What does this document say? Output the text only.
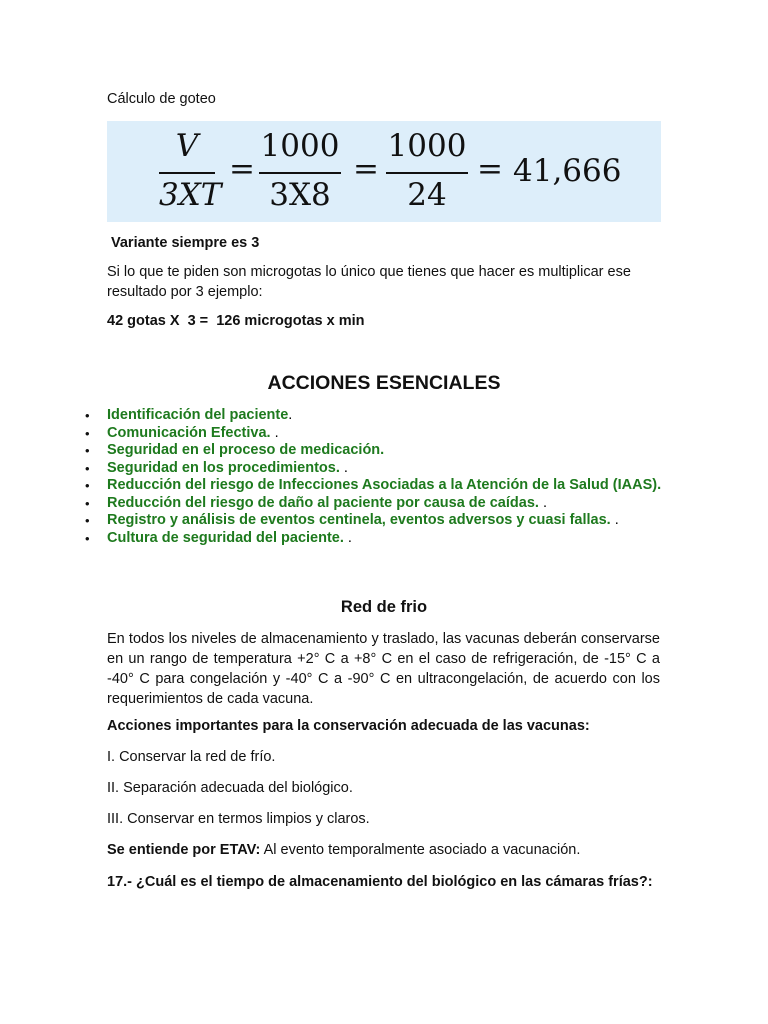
Cálculo de goteo
V
3XT
=
1000
3X8
=
1000
24
= 41,666
Variante siempre es 3
Si lo que te piden son microgotas lo único que tienes que hacer es multiplicar ese
resultado por 3 ejemplo:
42 gotas X  3 =  126 microgotas x min
ACCIONES ESENCIALES
• Identificación del paciente.
• Comunicación Efectiva. .
• Seguridad en el proceso de medicación.
• Seguridad en los procedimientos. .
• Reducción del riesgo de Infecciones Asociadas a la Atención de la Salud (IAAS).
• Reducción del riesgo de daño al paciente por causa de caídas. .
• Registro y análisis de eventos centinela, eventos adversos y cuasi fallas. .
• Cultura de seguridad del paciente. .
Red de frio
En todos los niveles de almacenamiento y traslado, las vacunas deberán conservarse en un rango de temperatura +2° C a +8° C en el caso de refrigeración, de -15° C a -40° C para congelación y -40° C a -90° C en ultracongelación, de acuerdo con los requerimientos de cada vacuna.
Acciones importantes para la conservación adecuada de las vacunas:
I. Conservar la red de frío.
II. Separación adecuada del biológico.
III. Conservar en termos limpios y claros.
Se entiende por ETAV: Al evento temporalmente asociado a vacunación.
17.- ¿Cuál es el tiempo de almacenamiento del biológico en las cámaras frías?:
